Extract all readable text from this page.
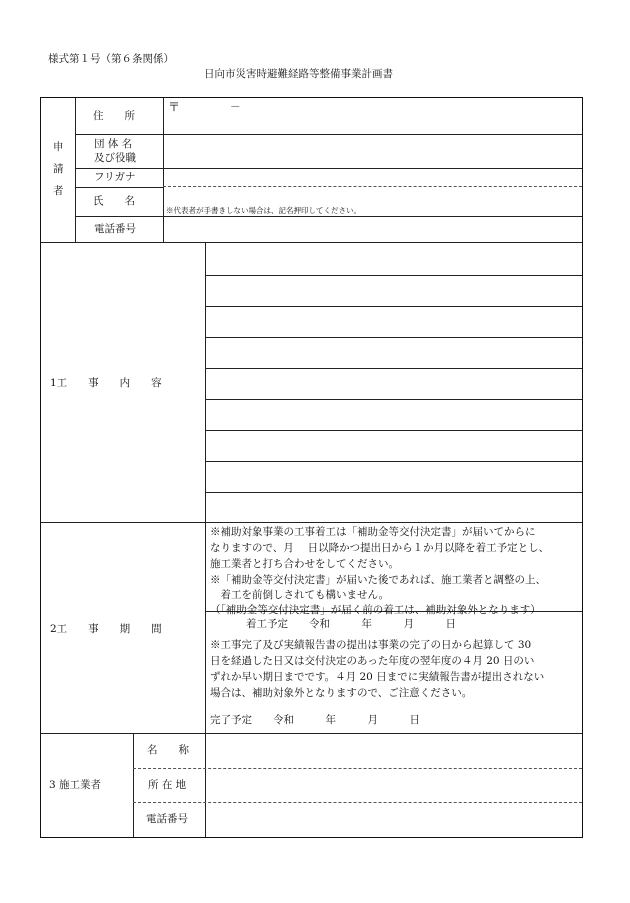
様式第１号（第６条関係）
日向市災害時避難経路等整備事業計画書
申
請
者
住　　所
〒	－
団 体 名
及び役職
フリガナ
氏　　名
※代表者が手書きしない場合は、記名押印してください。
電話番号
1工　　事　　内　　容
2工　　事　　期　　間
※補助対象事業の工事着工は「補助金等交付決定書」が届いてからに
なりますので、月　 日以降かつ提出日から１か月以降を着工予定とし、
施工業者と打ち合わせをしてください。
※「補助金等交付決定書」が届いた後であれば、施工業者と調整の上、
　着工を前倒しされても構いません。
（｢補助金等交付決定書」が届く前の着工は、補助対象外となります）
着工予定　　令和　　　年　　　月　　　日
※工事完了及び実績報告書の提出は事業の完了の日から起算して 30
日を経過した日又は交付決定のあった年度の翌年度の４月 20 日のい
ずれか早い期日までです。４月 20 日までに実績報告書が提出されない
場合は、補助対象外となりますので、ご注意ください。
完了予定　　令和　　　年　　　月　　　日
3 施工業者
名　　称
所 在 地
電話番号
